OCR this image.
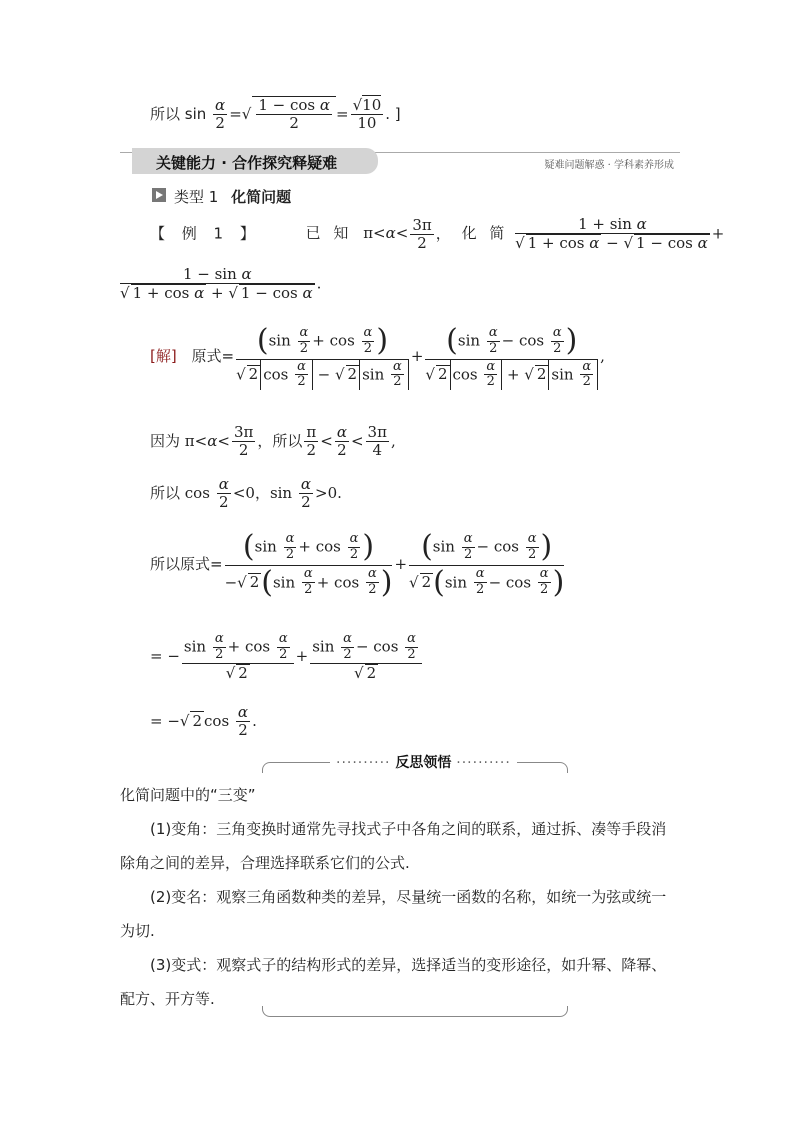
所以 $\sin \frac{\alpha}{2}$ =√ $\frac{\text{1 − cos α}}{2} = \frac{√10}{10}$ . ]
关键能力 · 合作探究释疑难	疑难问题解惑 · 学科素养形成
类型 1 化简问题
【 例 1 】	已 知 $\pi<\alpha< \frac{3\pi}{2}$ ， 化 简 $\frac{\text{1 + sin α}}{\text{√ 1 + cos α − √ 1 − cos α}}$ +
$\frac{\text{1 − sin α}}{\text{√ 1 + cos α + √ 1 − cos α}}$ .
[解] 原式= $\frac{(\sin \frac{\alpha}{2} + \cos \frac{\alpha}{2} )}{√ 2 \cos \frac{\alpha}{2} - √ 2 \sin \frac{\alpha}{2}} + \frac{(\sin \frac{\alpha}{2} - \cos \frac{\alpha}{2} )}{√ 2 \cos \frac{\alpha}{2} + √ 2 \sin \frac{\alpha}{2}}$ ,
因为 $\pi<\alpha< \frac{3\pi}{2}$ ，所以 $\frac{\pi}{2} < \frac{\alpha}{2} < \frac{3\pi}{4}$ ,
所以 $\cos \frac{\alpha}{2} <0$，$\sin \frac{\alpha}{2} >0$.
所以原式= $\frac{(\sin \frac{\alpha}{2} + \cos \frac{\alpha}{2} )}{-√ 2(\sin \frac{\alpha}{2} + \cos \frac{\alpha}{2} )} + \frac{(\sin \frac{\alpha}{2} - \cos \frac{\alpha}{2} )}{√ 2(\sin \frac{\alpha}{2} - \cos \frac{\alpha}{2} )}$
= − $\frac{\sin \frac{\alpha}{2} + \cos \frac{\alpha}{2}}{√ 2} + \frac{\sin \frac{\alpha}{2} - \cos \frac{\alpha}{2}}{√ 2}$
= −√ 2 $\cos \frac{\alpha}{2}$ .
·········· 反思领悟 ··········
化简问题中的“三变”
(1)变角：三角变换时通常先寻找式子中各角之间的联系，通过拆、凑等手段消除角之间的差异，合理选择联系它们的公式.
(2)变名：观察三角函数种类的差异，尽量统一函数的名称，如统一为弦或统一为切.
(3)变式：观察式子的结构形式的差异，选择适当的变形途径，如升幂、降幂、配方、开方等.
